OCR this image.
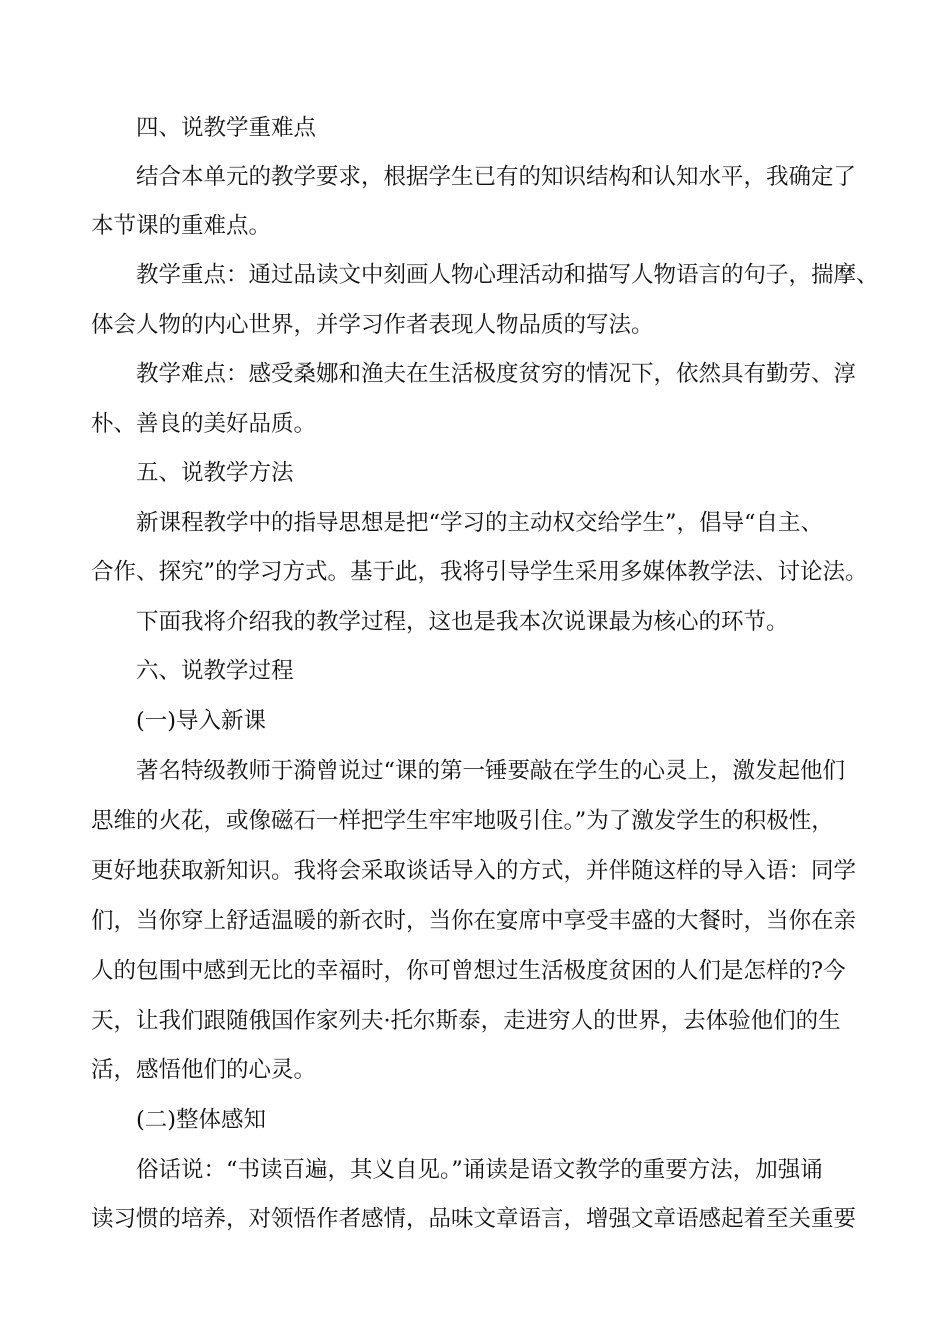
四、说教学重难点

结合本单元的教学要求，根据学生已有的知识结构和认知水平，我确定了

本节课的重难点。

教学重点：通过品读文中刻画人物心理活动和描写人物语言的句子，揣摩、

体会人物的内心世界，并学习作者表现人物品质的写法。

教学难点：感受桑娜和渔夫在生活极度贫穷的情况下，依然具有勤劳、淳

朴、善良的美好品质。

五、说教学方法

新课程教学中的指导思想是把“学习的主动权交给学生”，倡导“自主、

合作、探究”的学习方式。基于此，我将引导学生采用多媒体教学法、讨论法。

下面我将介绍我的教学过程，这也是我本次说课最为核心的环节。

六、说教学过程

(一)导入新课

著名特级教师于漪曾说过“课的第一锤要敲在学生的心灵上，激发起他们

思维的火花，或像磁石一样把学生牢牢地吸引住。”为了激发学生的积极性，

更好地获取新知识。我将会采取谈话导入的方式，并伴随这样的导入语：同学

们，当你穿上舒适温暖的新衣时，当你在宴席中享受丰盛的大餐时，当你在亲

人的包围中感到无比的幸福时，你可曾想过生活极度贫困的人们是怎样的?今

天，让我们跟随俄国作家列夫·托尔斯泰，走进穷人的世界，去体验他们的生

活，感悟他们的心灵。

(二)整体感知

俗话说：“书读百遍，其义自见。”诵读是语文教学的重要方法，加强诵

读习惯的培养，对领悟作者感情，品味文章语言，增强文章语感起着至关重要
